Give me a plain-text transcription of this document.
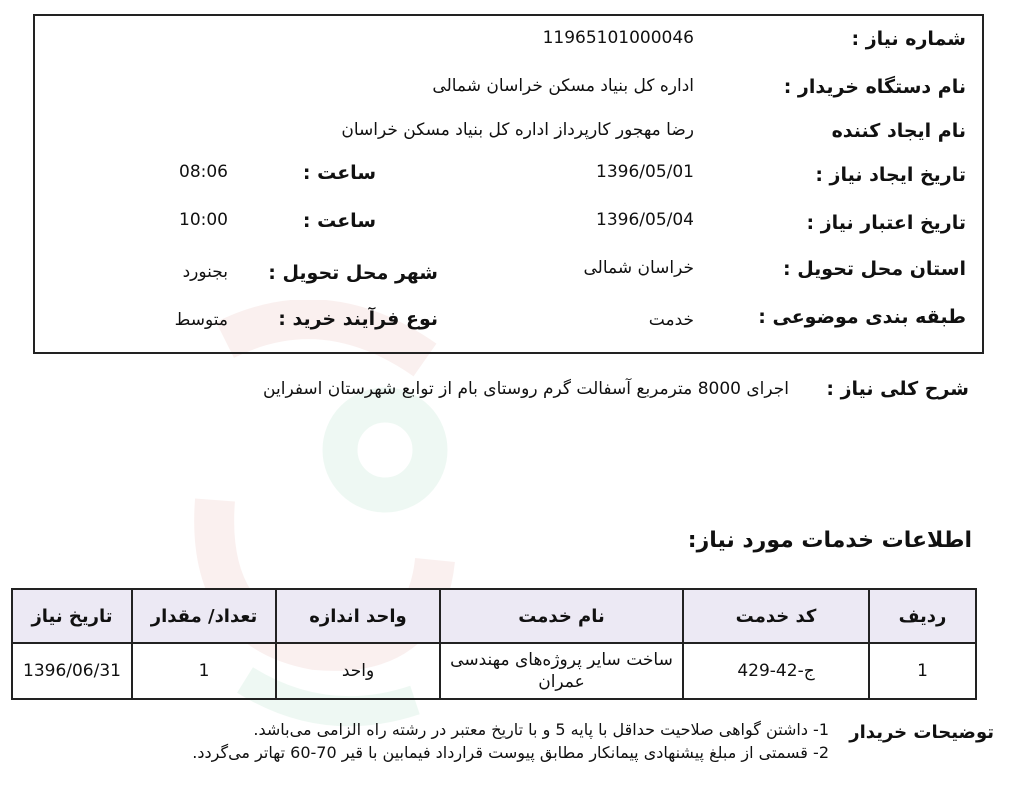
شماره نیاز :
11965101000046
نام دستگاه خریدار :
اداره کل بنیاد مسکن خراسان شمالی
نام ایجاد کننده
رضا مهجور کارپرداز اداره کل بنیاد مسکن خراسان
تاریخ ایجاد نیاز :
1396/05/01
ساعت :
08:06
تاریخ اعتبار نیاز :
1396/05/04
ساعت :
10:00
استان محل تحویل :
خراسان شمالی
شهر محل تحویل :
بجنورد
طبقه بندی موضوعی :
خدمت
نوع فرآیند خرید :
متوسط
شرح کلی نیاز :
اجرای 8000 مترمربع آسفالت گرم روستای بام از توابع شهرستان اسفراین
اطلاعات خدمات مورد نیاز:
ردیف	کد خدمت	نام خدمت	واحد اندازه	تعداد/ مقدار	تاریخ نیاز
1	ج-42-429	ساخت سایر پروژه‌های مهندسی عمران	واحد	1	1396/06/31
توضیحات خریدار
1- داشتن گواهی صلاحیت حداقل با پایه 5 و با تاریخ معتبر در رشته راه الزامی می‌باشد.
2- قسمتی از مبلغ پیشنهادی پیمانکار مطابق پیوست قرارداد فیمابین با قیر 70-60 تهاتر می‌گردد.
